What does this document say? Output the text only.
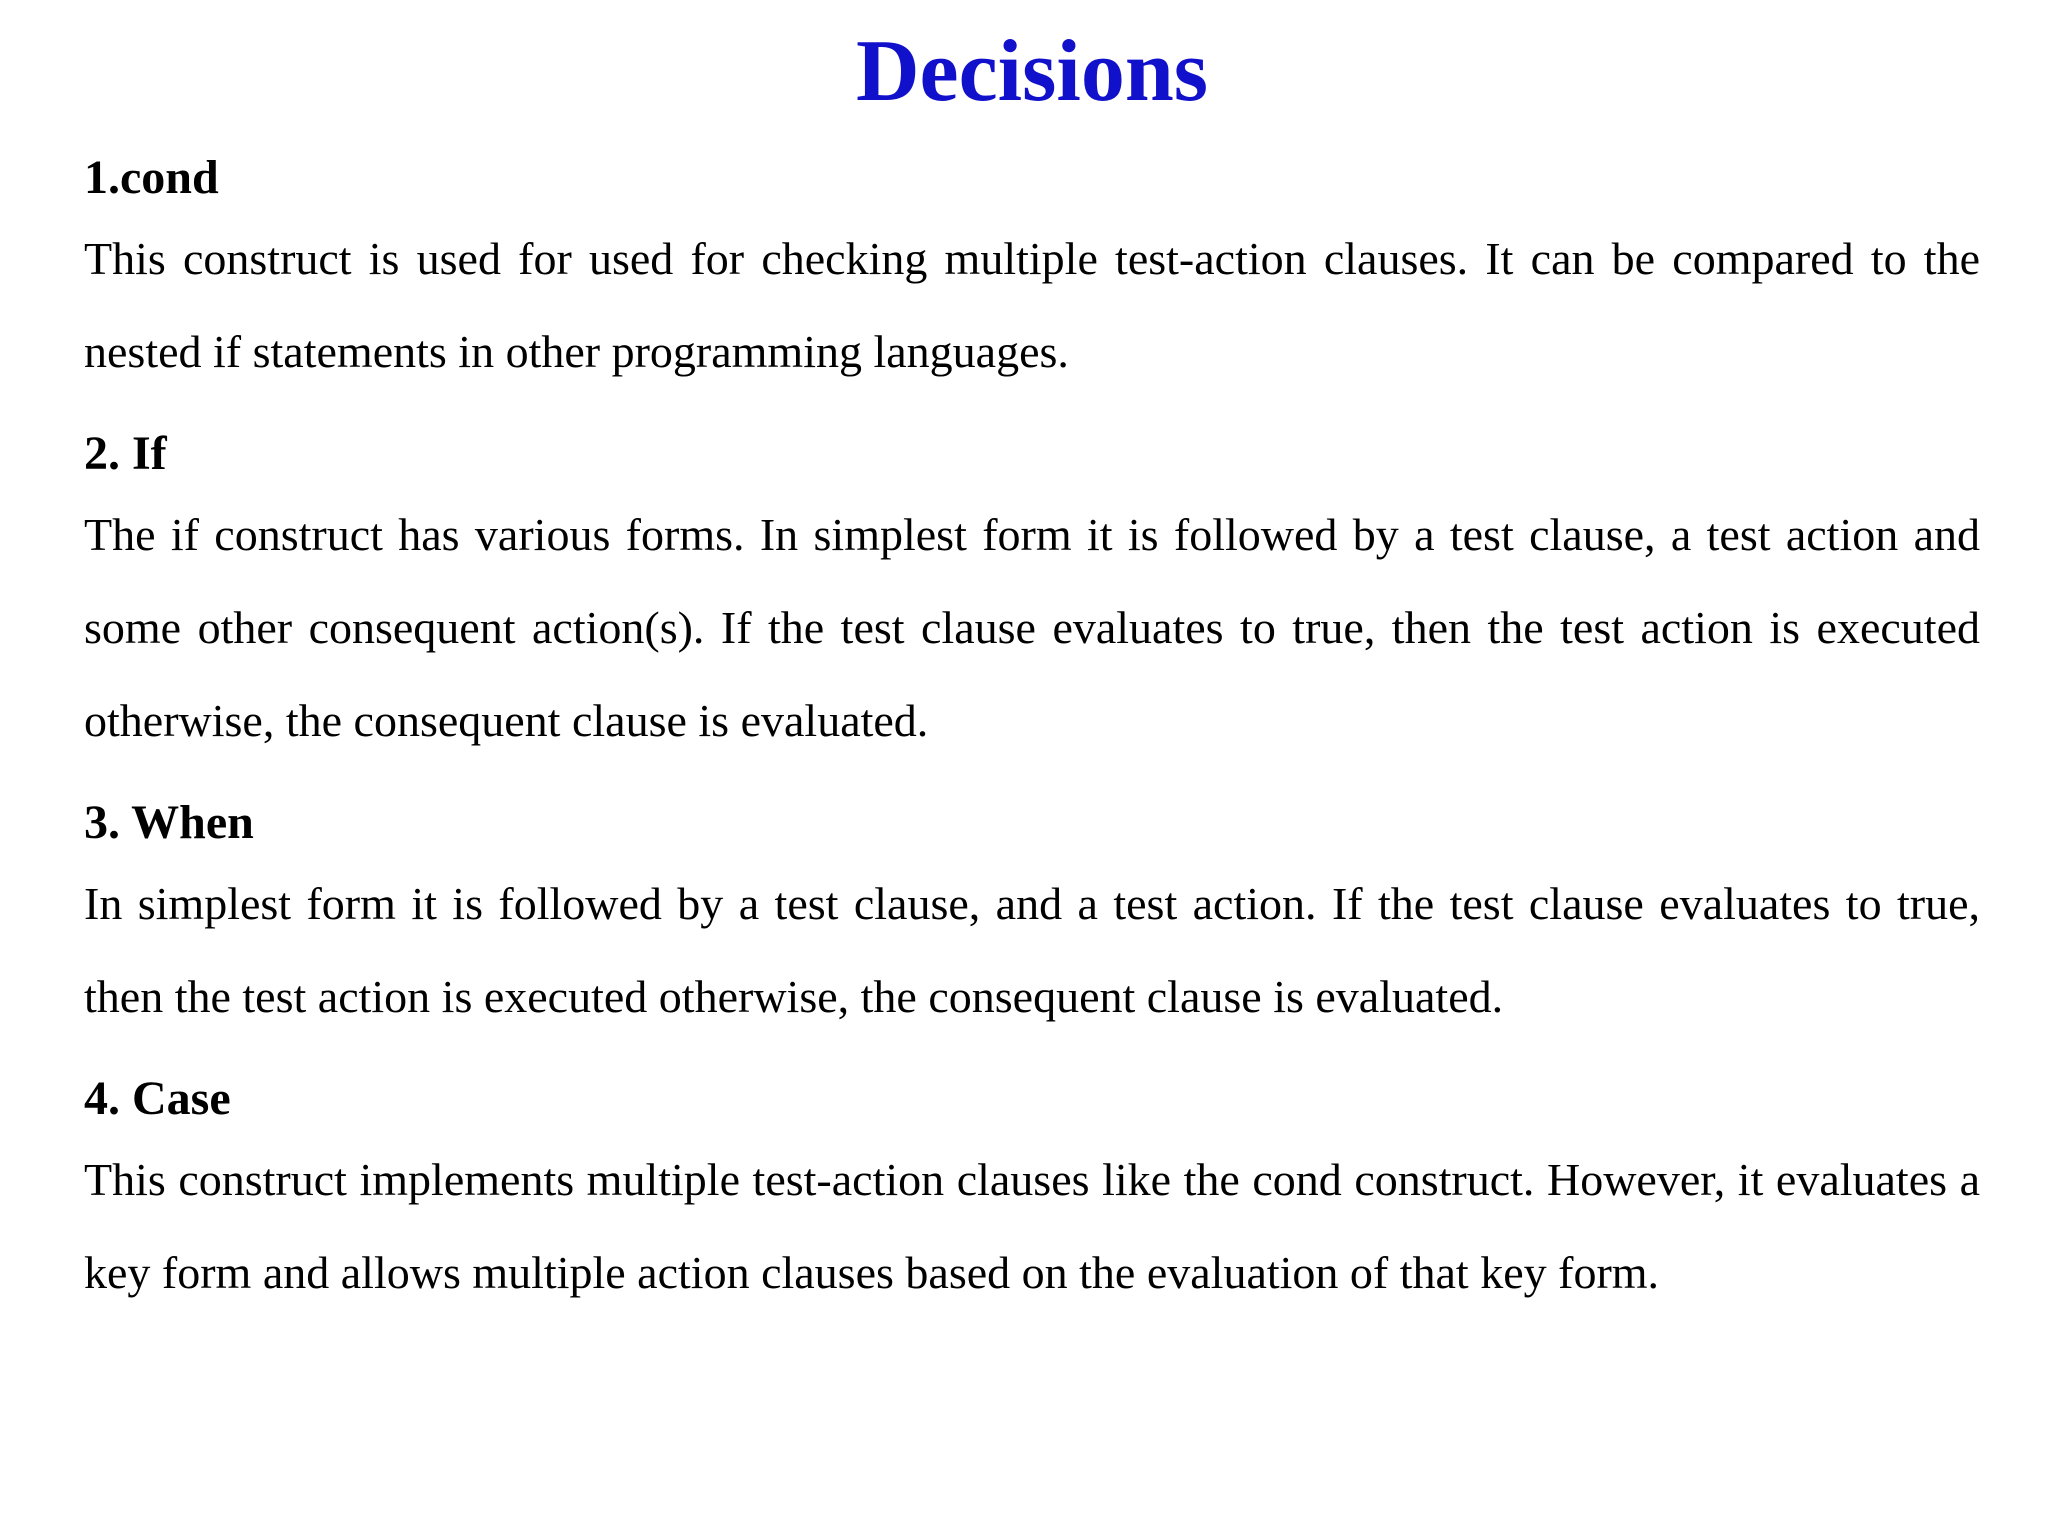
Decisions
1.cond

This construct is used for used for checking multiple test-action clauses. It can be compared to the nested if statements in other programming languages.

2. If

The if construct has various forms. In simplest form it is followed by a test clause, a test action and some other consequent action(s). If the test clause evaluates to true, then the test action is executed otherwise, the consequent clause is evaluated.

3. When

In simplest form it is followed by a test clause, and a test action. If the test clause evaluates to true, then the test action is executed otherwise, the consequent clause is evaluated.

4. Case

This construct implements multiple test-action clauses like the cond construct. However, it evaluates a key form and allows multiple action clauses based on the evaluation of that key form.
